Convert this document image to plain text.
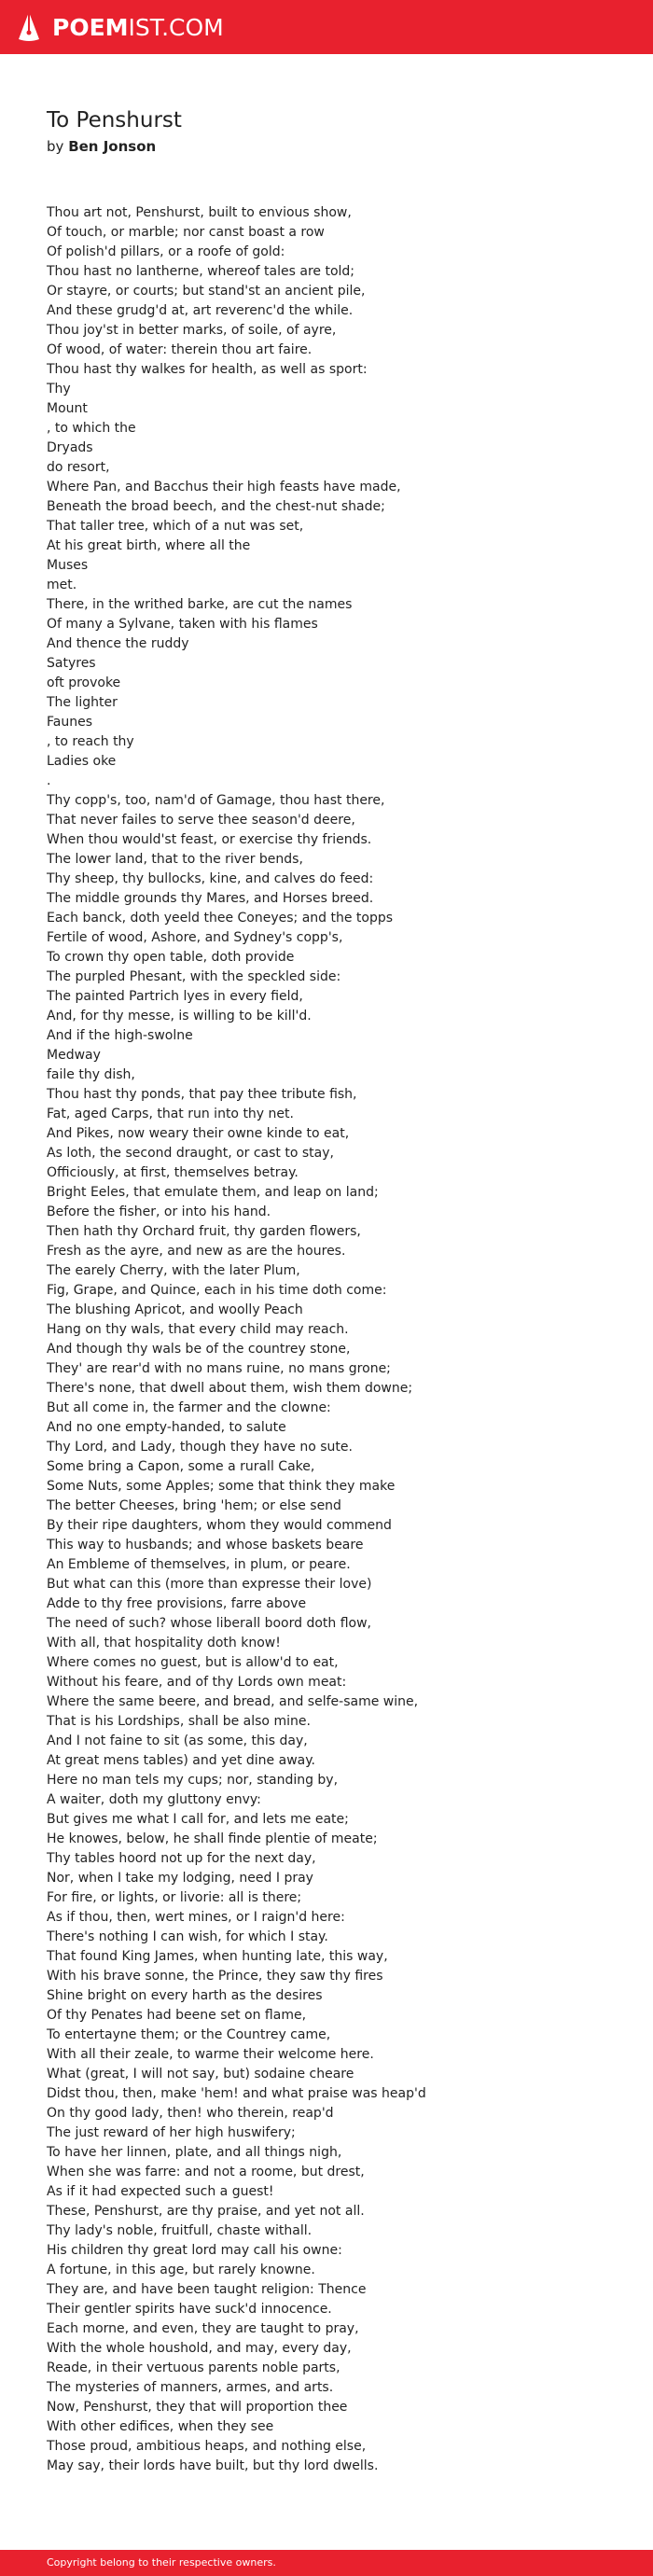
POEMIST.COM
To Penshurst
by Ben Jonson
Thou art not, Penshurst, built to envious show,
Of touch, or marble; nor canst boast a row
Of polish'd pillars, or a roofe of gold:
Thou hast no lantherne, whereof tales are told;
Or stayre, or courts; but stand'st an ancient pile,
And these grudg'd at, art reverenc'd the while.
Thou joy'st in better marks, of soile, of ayre,
Of wood, of water: therein thou art faire.
Thou hast thy walkes for health, as well as sport:
Thy
Mount
, to which the
Dryads
do resort,
Where Pan, and Bacchus their high feasts have made,
Beneath the broad beech, and the chest-nut shade;
That taller tree, which of a nut was set,
At his great birth, where all the
Muses
met.
There, in the writhed barke, are cut the names
Of many a Sylvane, taken with his flames
And thence the ruddy
Satyres
oft provoke
The lighter
Faunes
, to reach thy
Ladies oke
.
Thy copp's, too, nam'd of Gamage, thou hast there,
That never failes to serve thee season'd deere,
When thou would'st feast, or exercise thy friends.
The lower land, that to the river bends,
Thy sheep, thy bullocks, kine, and calves do feed:
The middle grounds thy Mares, and Horses breed.
Each banck, doth yeeld thee Coneyes; and the topps
Fertile of wood, Ashore, and Sydney's copp's,
To crown thy open table, doth provide
The purpled Phesant, with the speckled side:
The painted Partrich lyes in every field,
And, for thy messe, is willing to be kill'd.
And if the high-swolne
Medway
faile thy dish,
Thou hast thy ponds, that pay thee tribute fish,
Fat, aged Carps, that run into thy net.
And Pikes, now weary their owne kinde to eat,
As loth, the second draught, or cast to stay,
Officiously, at first, themselves betray.
Bright Eeles, that emulate them, and leap on land;
Before the fisher, or into his hand.
Then hath thy Orchard fruit, thy garden flowers,
Fresh as the ayre, and new as are the houres.
The earely Cherry, with the later Plum,
Fig, Grape, and Quince, each in his time doth come:
The blushing Apricot, and woolly Peach
Hang on thy wals, that every child may reach.
And though thy wals be of the countrey stone,
They' are rear'd with no mans ruine, no mans grone;
There's none, that dwell about them, wish them downe;
But all come in, the farmer and the clowne:
And no one empty-handed, to salute
Thy Lord, and Lady, though they have no sute.
Some bring a Capon, some a rurall Cake,
Some Nuts, some Apples; some that think they make
The better Cheeses, bring 'hem; or else send
By their ripe daughters, whom they would commend
This way to husbands; and whose baskets beare
An Embleme of themselves, in plum, or peare.
But what can this (more than expresse their love)
Adde to thy free provisions, farre above
The need of such? whose liberall boord doth flow,
With all, that hospitality doth know!
Where comes no guest, but is allow'd to eat,
Without his feare, and of thy Lords own meat:
Where the same beere, and bread, and selfe-same wine,
That is his Lordships, shall be also mine.
And I not faine to sit (as some, this day,
At great mens tables) and yet dine away.
Here no man tels my cups; nor, standing by,
A waiter, doth my gluttony envy:
But gives me what I call for, and lets me eate;
He knowes, below, he shall finde plentie of meate;
Thy tables hoord not up for the next day,
Nor, when I take my lodging, need I pray
For fire, or lights, or livorie: all is there;
As if thou, then, wert mines, or I raign'd here:
There's nothing I can wish, for which I stay.
That found King James, when hunting late, this way,
With his brave sonne, the Prince, they saw thy fires
Shine bright on every harth as the desires
Of thy Penates had beene set on flame,
To entertayne them; or the Countrey came,
With all their zeale, to warme their welcome here.
What (great, I will not say, but) sodaine cheare
Didst thou, then, make 'hem! and what praise was heap'd
On thy good lady, then! who therein, reap'd
The just reward of her high huswifery;
To have her linnen, plate, and all things nigh,
When she was farre: and not a roome, but drest,
As if it had expected such a guest!
These, Penshurst, are thy praise, and yet not all.
Thy lady's noble, fruitfull, chaste withall.
His children thy great lord may call his owne:
A fortune, in this age, but rarely knowne.
They are, and have been taught religion: Thence
Their gentler spirits have suck'd innocence.
Each morne, and even, they are taught to pray,
With the whole houshold, and may, every day,
Reade, in their vertuous parents noble parts,
The mysteries of manners, armes, and arts.
Now, Penshurst, they that will proportion thee
With other edifices, when they see
Those proud, ambitious heaps, and nothing else,
May say, their lords have built, but thy lord dwells.
Copyright belong to their respective owners.
